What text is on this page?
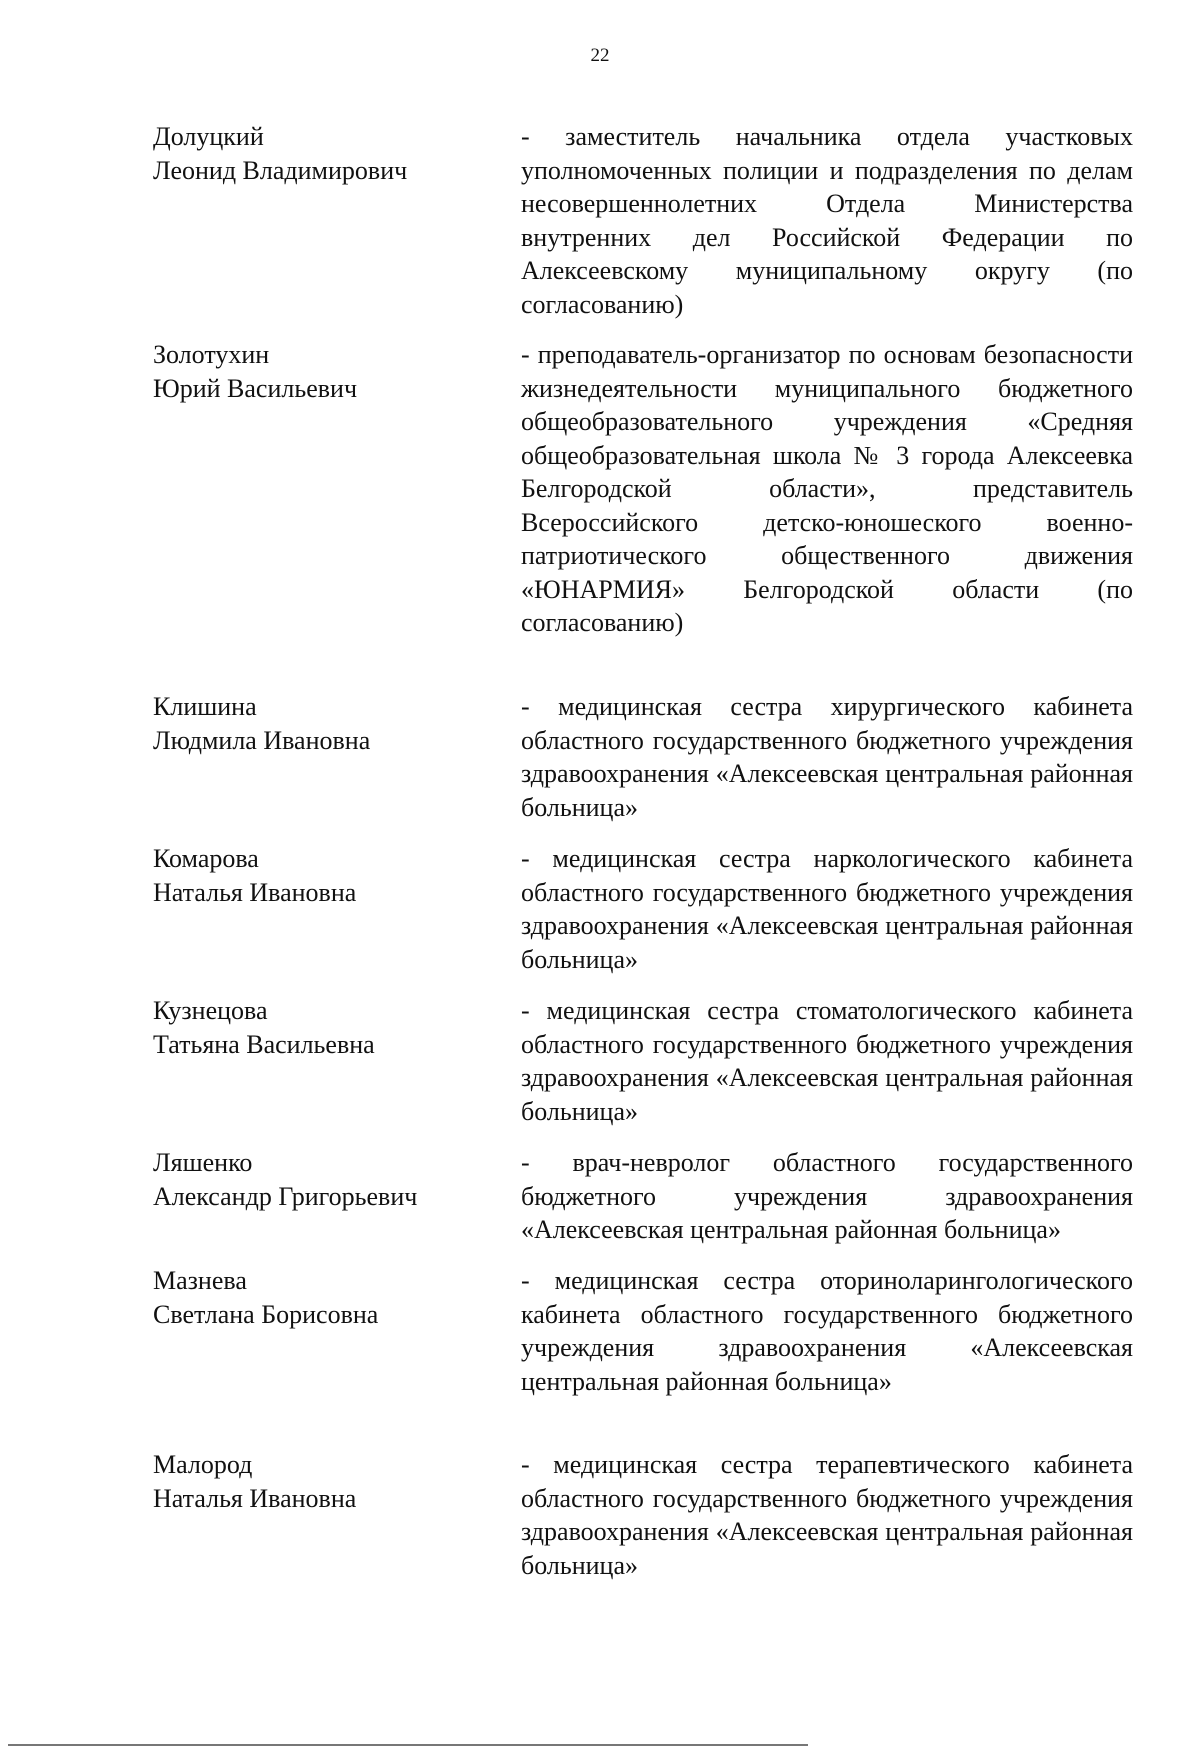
22
Долуцкий
Леонид Владимирович
- заместитель начальника отдела участковых уполномоченных полиции и подразделения по делам несовершеннолетних Отдела Министерства внутренних дел Российской Федерации по Алексеевскому муниципальному округу (по согласованию)
Золотухин
Юрий Васильевич
- преподаватель-организатор по основам безопасности жизнедеятельности муниципального бюджетного общеобразовательного учреждения «Средняя общеобразовательная школа № 3 города Алексеевка Белгородской области», представитель Всероссийского детско-юношеского военно-патриотического общественного движения «ЮНАРМИЯ» Белгородской области (по согласованию)
Клишина
Людмила Ивановна
- медицинская сестра хирургического кабинета областного государственного бюджетного учреждения здравоохранения «Алексеевская центральная районная больница»
Комарова
Наталья Ивановна
- медицинская сестра наркологического кабинета областного государственного бюджетного учреждения здравоохранения «Алексеевская центральная районная больница»
Кузнецова
Татьяна Васильевна
- медицинская сестра стоматологического кабинета областного государственного бюджетного учреждения здравоохранения «Алексеевская центральная районная больница»
Ляшенко
Александр Григорьевич
- врач-невролог областного государственного бюджетного учреждения здравоохранения «Алексеевская центральная районная больница»
Мазнева
Светлана Борисовна
- медицинская сестра оториноларингологического кабинета областного государственного бюджетного учреждения здравоохранения «Алексеевская центральная районная больница»
Малород
Наталья Ивановна
- медицинская сестра терапевтического кабинета областного государственного бюджетного учреждения здравоохранения «Алексеевская центральная районная больница»
